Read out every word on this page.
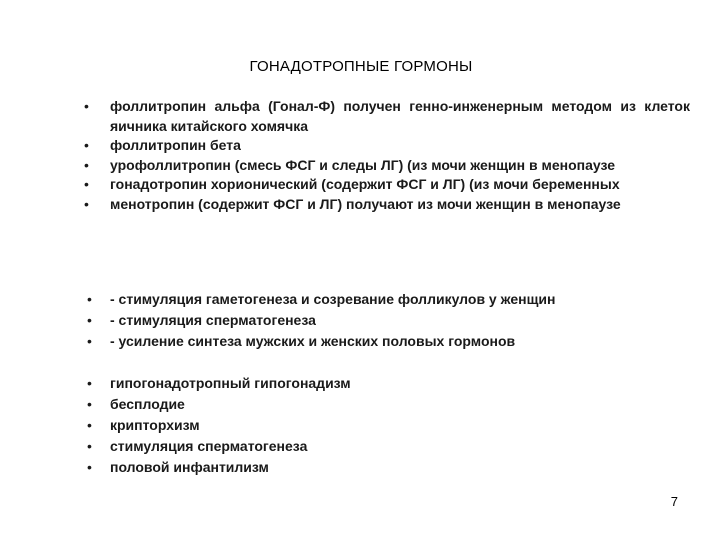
ГОНАДОТРОПНЫЕ ГОРМОНЫ
• фоллитропин альфа (Гонал-Ф) получен генно-инженерным методом из клеток яичника китайского хомячка
• фоллитропин бета
• урофоллитропин (смесь ФСГ и следы ЛГ) (из мочи женщин в менопаузе
• гонадотропин хорионический (содержит ФСГ и ЛГ) (из мочи беременных
• менотропин (содержит ФСГ и ЛГ) получают из мочи женщин в менопаузе
Механизм действия:
• - стимуляция гаметогенеза и созревание фолликулов у женщин
• - стимуляция сперматогенеза
• - усиление синтеза мужских и женских половых гормонов
Показания к применению:
• гипогонадотропный гипогонадизм
• бесплодие
• крипторхизм
• стимуляция сперматогенеза
• половой инфантилизм
7
